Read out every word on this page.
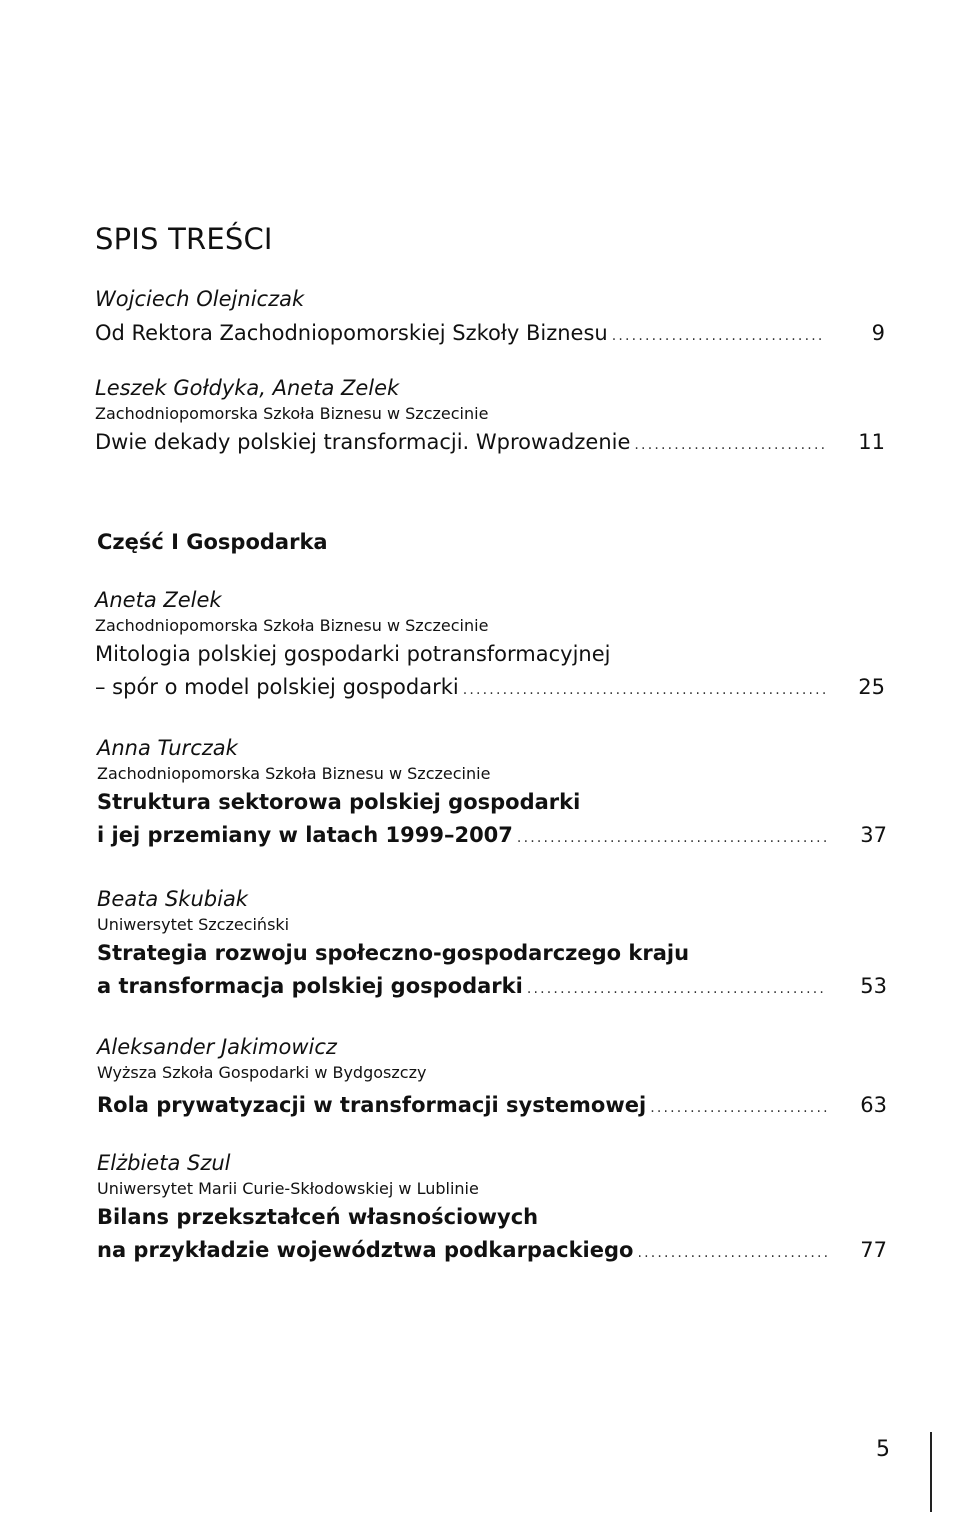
SPIS TREŚCI
Wojciech Olejniczak
Od Rektora Zachodniopomorskiej Szkoły Biznesu .....	9
Leszek Gołdyka, Aneta Zelek
Zachodniopomorska Szkoła Biznesu w Szczecinie
Dwie dekady polskiej transformacji. Wprowadzenie .....	11
Część I Gospodarka
Aneta Zelek
Zachodniopomorska Szkoła Biznesu w Szczecinie
Mitologia polskiej gospodarki potransformacyjnej
– spór o model polskiej gospodarki .....	25
Anna Turczak
Zachodniopomorska Szkoła Biznesu w Szczecinie
Struktura sektorowa polskiej gospodarki
i jej przemiany w latach 1999–2007 .....	37
Beata Skubiak
Uniwersytet Szczeciński
Strategia rozwoju społeczno-gospodarczego kraju
a transformacja polskiej gospodarki .....	53
Aleksander Jakimowicz
Wyższa Szkoła Gospodarki w Bydgoszczy
Rola prywatyzacji w transformacji systemowej .....	63
Elżbieta Szul
Uniwersytet Marii Curie-Skłodowskiej w Lublinie
Bilans przekształceń własnościowych
na przykładzie województwa podkarpackiego .....	77
5
